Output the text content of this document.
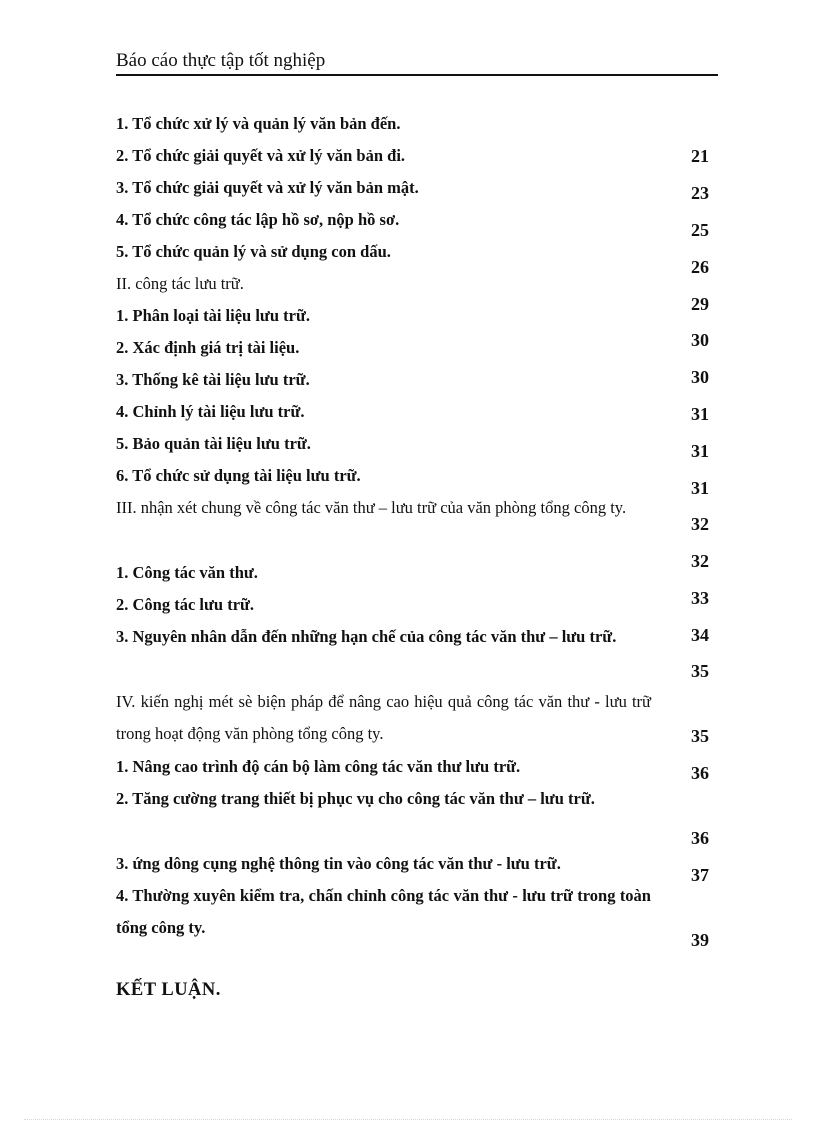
Báo cáo thực tập tốt nghiệp
1. Tổ chức xử lý và quản lý văn bản đến.
2. Tổ chức giải quyết và xử lý văn bản đi.
3. Tổ chức giải quyết và xử lý văn bản mật.
4. Tổ chức công tác lập hồ sơ, nộp hồ sơ.
5. Tổ chức quản lý và sử dụng con dấu.
II. công tác lưu trữ.
1. Phân loại tài liệu lưu trữ.
2. Xác định giá trị tài liệu.
3. Thống kê tài liệu lưu trữ.
4. Chỉnh lý tài liệu lưu trữ.
5. Bảo quản tài liệu lưu trữ.
6. Tổ chức sử dụng tài liệu lưu trữ.
III. nhận xét chung về công tác văn thư – lưu trữ của văn phòng tổng công ty.
1. Công tác văn thư.
2. Công tác lưu trữ.
3. Nguyên nhân dẫn đến những hạn chế của công tác văn thư – lưu trữ.
IV. kiến nghị mét sè biện pháp để nâng cao hiệu quả công tác văn thư - lưu trữ trong hoạt động văn phòng tổng công ty.
1. Nâng cao trình độ cán bộ làm công tác văn thư lưu trữ.
2. Tăng cường trang thiết bị phục vụ cho công tác văn thư – lưu trữ.
3. ứng dông cụng nghệ thông tin vào công tác văn thư - lưu trữ.
4. Thường xuyên kiểm tra, chấn chỉnh công tác văn thư - lưu trữ trong toàn tổng công ty.
21
23
25
26
29
30
30
31
31
31
32
32
33
34
35
35
36
36
37
39
KẾT LUẬN.
